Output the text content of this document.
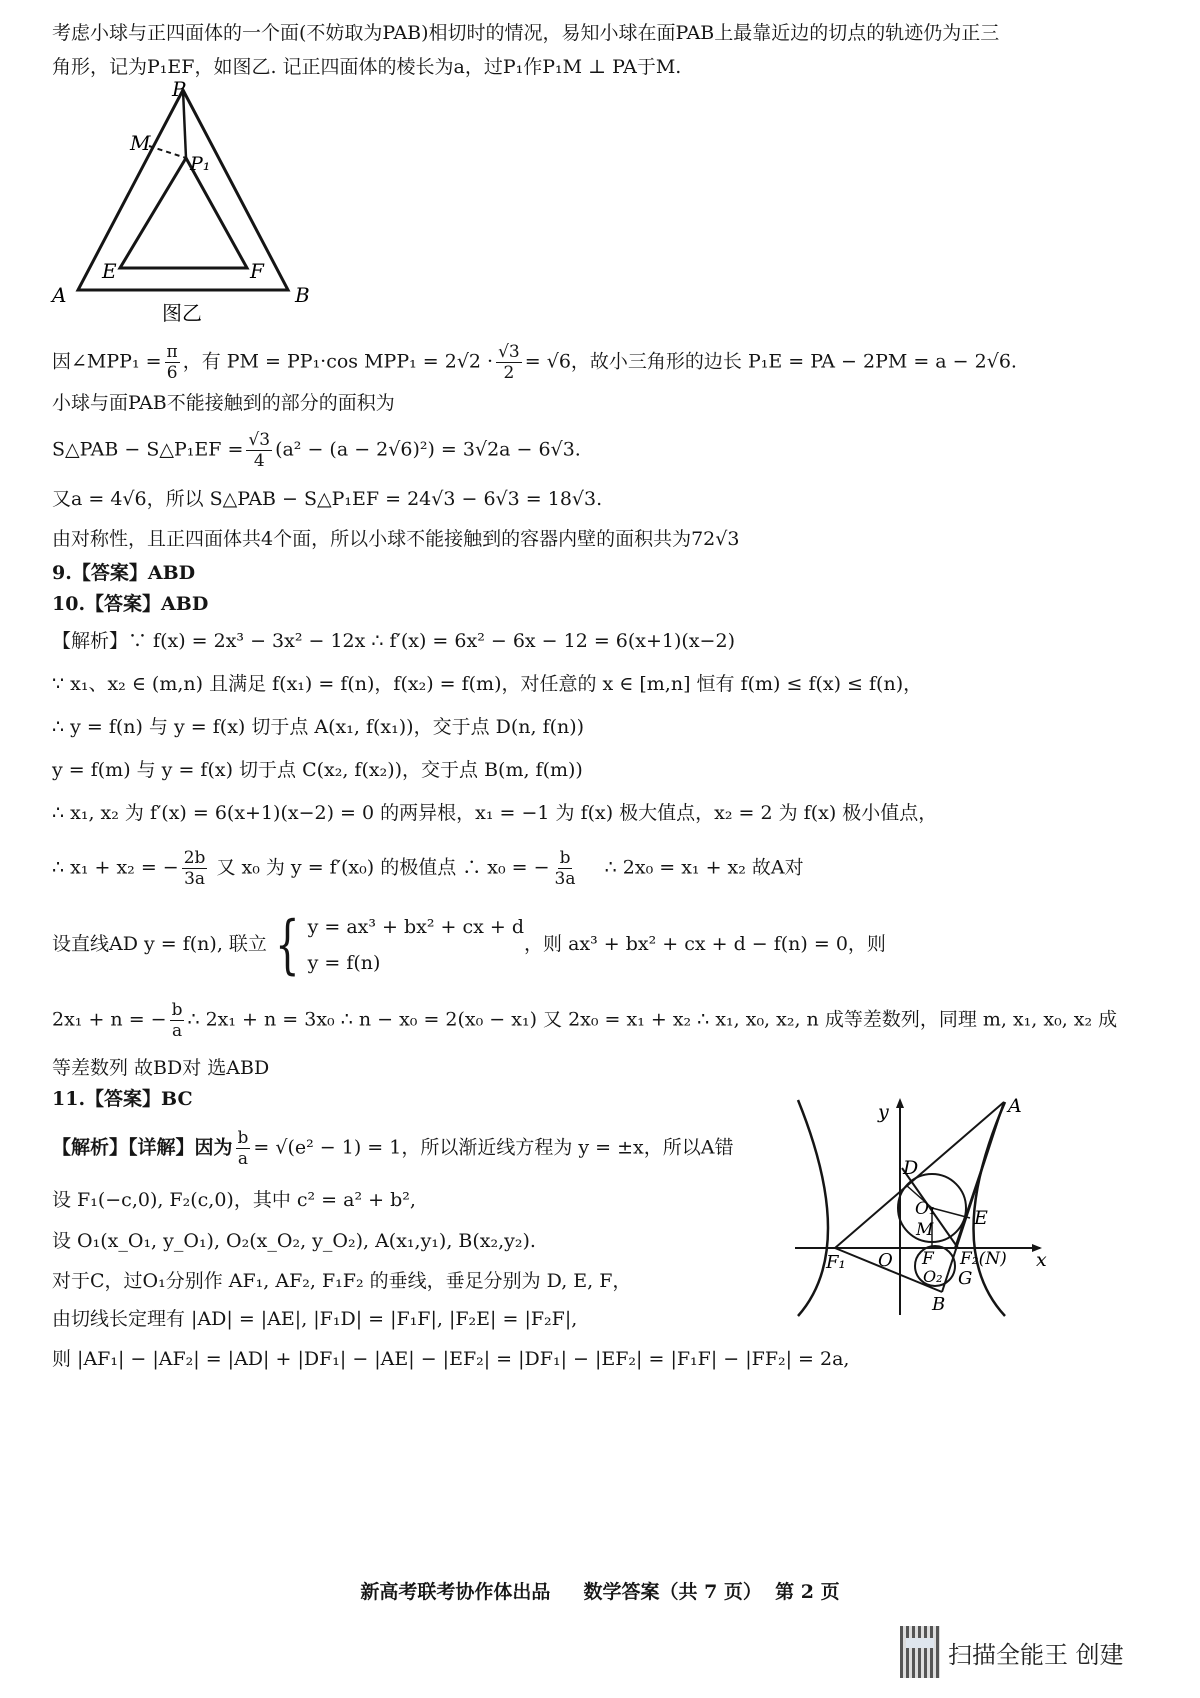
考虑小球与正四面体的一个面(不妨取为PAB)相切时的情况，易知小球在面PAB上最靠近边的切点的轨迹仍为正三
角形，记为P₁EF，如图乙. 记正四面体的棱长为a，过P₁作P₁M ⊥ PA于M.
P
M
P₁
E	F
A	B
图乙
因∠MPP₁ = $\frac{\pi}{6}$ ，有 PM = PP₁·cos $MPP_1 = 2√2 \cdot \frac{√3}{2} = √6$，故小三角形的边长 P₁E = PA − 2PM = a − 2√6.
小球与面PAB不能接触到的部分的面积为
S△PAB − S△P₁EF = $\frac{√3}{4} (a^2 - (a - 2√6)^2) = 3√2a - 6√3$.
又a = 4√6，所以 S△PAB − S△P₁EF = 24√3 − 6√3 = 18√3.
由对称性，且正四面体共4个面，所以小球不能接触到的容器内壁的面积共为72√3
9.【答案】ABD
10.【答案】ABD
【解析】∵ f(x) = 2x³ − 3x² − 12x ∴ f′(x) = 6x² − 6x − 12 = 6(x+1)(x−2)
∵ x₁、x₂ ∈ (m,n) 且满足 f(x₁) = f(n)，f(x₂) = f(m)，对任意的 x ∈ [m,n] 恒有 f(m) ≤ f(x) ≤ f(n)，
∴ y = f(n) 与 y = f(x) 切于点 A(x₁, f(x₁))，交于点 D(n, f(n))
y = f(m) 与 y = f(x) 切于点 C(x₂, f(x₂))，交于点 B(m, f(m))
∴ x₁, x₂ 为 f′(x) = 6(x+1)(x−2) = 0 的两异根，x₁ = −1 为 f(x) 极大值点，x₂ = 2 为 f(x) 极小值点，
∴ x₁ + x₂ = − $\frac{2b}{3a}$ 又 x₀ 为 y = f′(x₀) 的极值点 ∴ x₀ = − $\frac{b}{3a}$ ∴ 2x₀ = x₁ + x₂ 故A对
设直线AD y = f(n), 联立 { y = ax³ + bx² + cx + d
y = f(n)
，则 ax³ + bx² + cx + d − f(n) = 0，则
2x₁ + n = − $\frac{b}{a}$ ∴ 2x₁ + n = 3x₀ ∴ n − x₀ = 2(x₀ − x₁) 又 2x₀ = x₁ + x₂ ∴ x₁, x₀, x₂, n 成等差数列，同理 m, x₁, x₀, x₂ 成
等差数列 故BD对 选ABD
11.【答案】BC
【解析】【详解】因为 $\frac{b}{a} = √(e^2 - 1) = 1$，所以渐近线方程为 y = ±x，所以A错
设 F₁(−c,0), F₂(c,0)，其中 c² = a² + b²,
设 O₁(x_O₁, y_O₁), O₂(x_O₂, y_O₂), A(x₁,y₁), B(x₂,y₂).
对于C，过O₁分别作 AF₁, AF₂, F₁F₂ 的垂线，垂足分别为 D, E, F，
由切线长定理有 |AD| = |AE|, |F₁D| = |F₁F|, |F₂E| = |F₂F|,
则 |AF₁| − |AF₂| = |AD| + |DF₁| − |AE| − |EF₂| = |DF₁| − |EF₂| = |F₁F| − |FF₂| = 2a,
y
x
A
D
O₁
M
E
F₁ O F F₂(N)
O₂ G
B
新高考联考协作体出品     数学答案（共 7 页）  第 2 页
扫描全能王 创建
